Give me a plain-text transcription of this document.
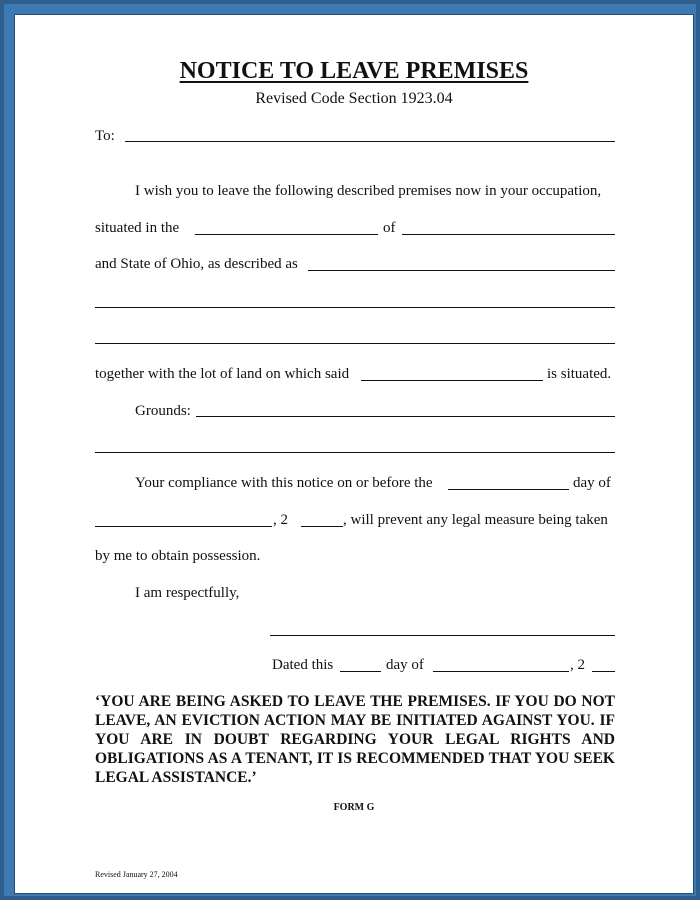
NOTICE TO LEAVE PREMISES
Revised Code Section 1923.04
To:
I wish you to leave the following described premises now in your occupation,
situated in the	of
and State of Ohio, as described as
together with the lot of land on which said	is situated.
Grounds:
Your compliance with this notice on or before the	day of
, 2	, will prevent any legal measure being taken
by me to obtain possession.
I am respectfully,
Dated this	day of	, 2
‘YOU ARE BEING ASKED TO LEAVE THE PREMISES. IF YOU DO NOT LEAVE, AN EVICTION ACTION MAY BE INITIATED AGAINST YOU. IF YOU ARE IN DOUBT REGARDING YOUR LEGAL RIGHTS AND OBLIGATIONS AS A TENANT, IT IS RECOMMENDED THAT YOU SEEK LEGAL ASSISTANCE.’
FORM G
Revised January 27, 2004
